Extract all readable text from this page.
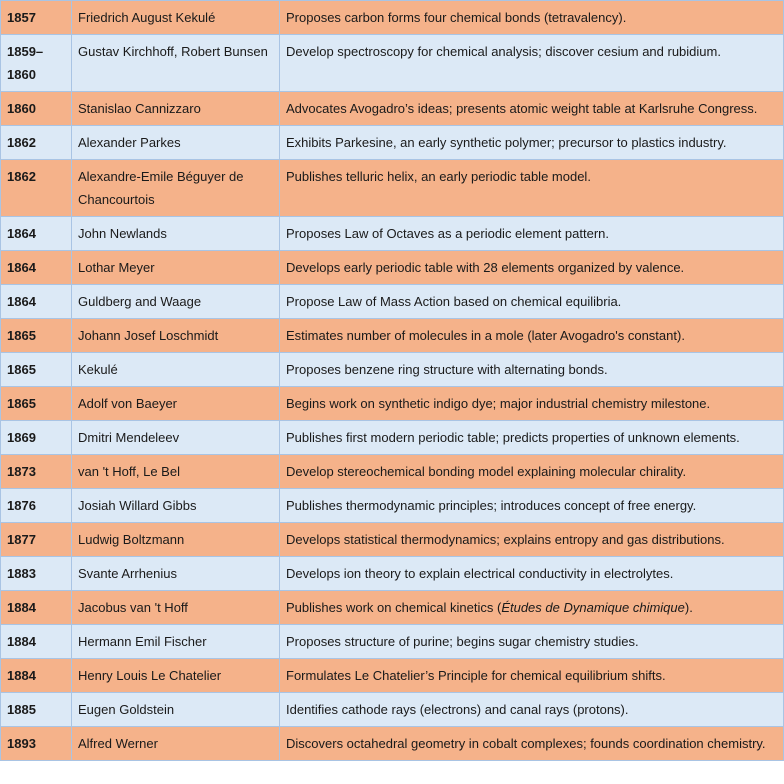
1857	Friedrich August Kekulé	Proposes carbon forms four chemical bonds (tetravalency).
1859–1860	Gustav Kirchhoff, Robert Bunsen	Develop spectroscopy for chemical analysis; discover cesium and rubidium.
1860	Stanislao Cannizzaro	Advocates Avogadro’s ideas; presents atomic weight table at Karlsruhe Congress.
1862	Alexander Parkes	Exhibits Parkesine, an early synthetic polymer; precursor to plastics industry.
1862	Alexandre-Emile Béguyer de Chancourtois	Publishes telluric helix, an early periodic table model.
1864	John Newlands	Proposes Law of Octaves as a periodic element pattern.
1864	Lothar Meyer	Develops early periodic table with 28 elements organized by valence.
1864	Guldberg and Waage	Propose Law of Mass Action based on chemical equilibria.
1865	Johann Josef Loschmidt	Estimates number of molecules in a mole (later Avogadro's constant).
1865	Kekulé	Proposes benzene ring structure with alternating bonds.
1865	Adolf von Baeyer	Begins work on synthetic indigo dye; major industrial chemistry milestone.
1869	Dmitri Mendeleev	Publishes first modern periodic table; predicts properties of unknown elements.
1873	van 't Hoff, Le Bel	Develop stereochemical bonding model explaining molecular chirality.
1876	Josiah Willard Gibbs	Publishes thermodynamic principles; introduces concept of free energy.
1877	Ludwig Boltzmann	Develops statistical thermodynamics; explains entropy and gas distributions.
1883	Svante Arrhenius	Develops ion theory to explain electrical conductivity in electrolytes.
1884	Jacobus van 't Hoff	Publishes work on chemical kinetics (Études de Dynamique chimique).
1884	Hermann Emil Fischer	Proposes structure of purine; begins sugar chemistry studies.
1884	Henry Louis Le Chatelier	Formulates Le Chatelier’s Principle for chemical equilibrium shifts.
1885	Eugen Goldstein	Identifies cathode rays (electrons) and canal rays (protons).
1893	Alfred Werner	Discovers octahedral geometry in cobalt complexes; founds coordination chemistry.
